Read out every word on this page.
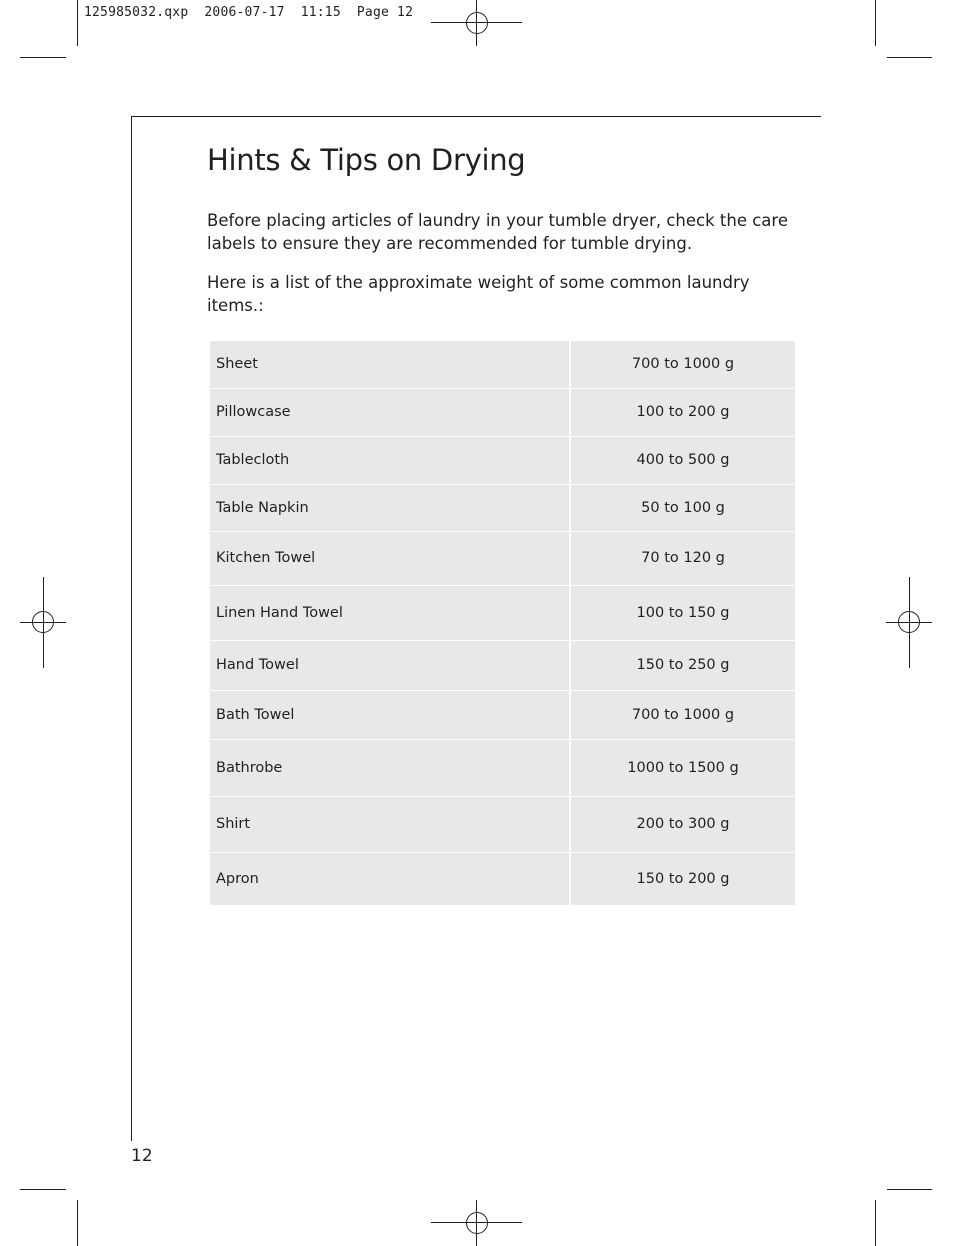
125985032.qxp  2006-07-17  11:15  Page 12
Hints & Tips on Drying

Before placing articles of laundry in your tumble dryer, check the care labels to ensure they are recommended for tumble drying.

Here is a list of the approximate weight of some common laundry items.:

Sheet	700 to 1000 g
Pillowcase	100 to 200 g
Tablecloth	400 to 500 g
Table Napkin	50 to 100 g
Kitchen Towel	70 to 120 g
Linen Hand Towel	100 to 150 g
Hand Towel	150 to 250 g
Bath Towel	700 to 1000 g
Bathrobe	1000 to 1500 g
Shirt	200 to 300 g
Apron	150 to 200 g
12
